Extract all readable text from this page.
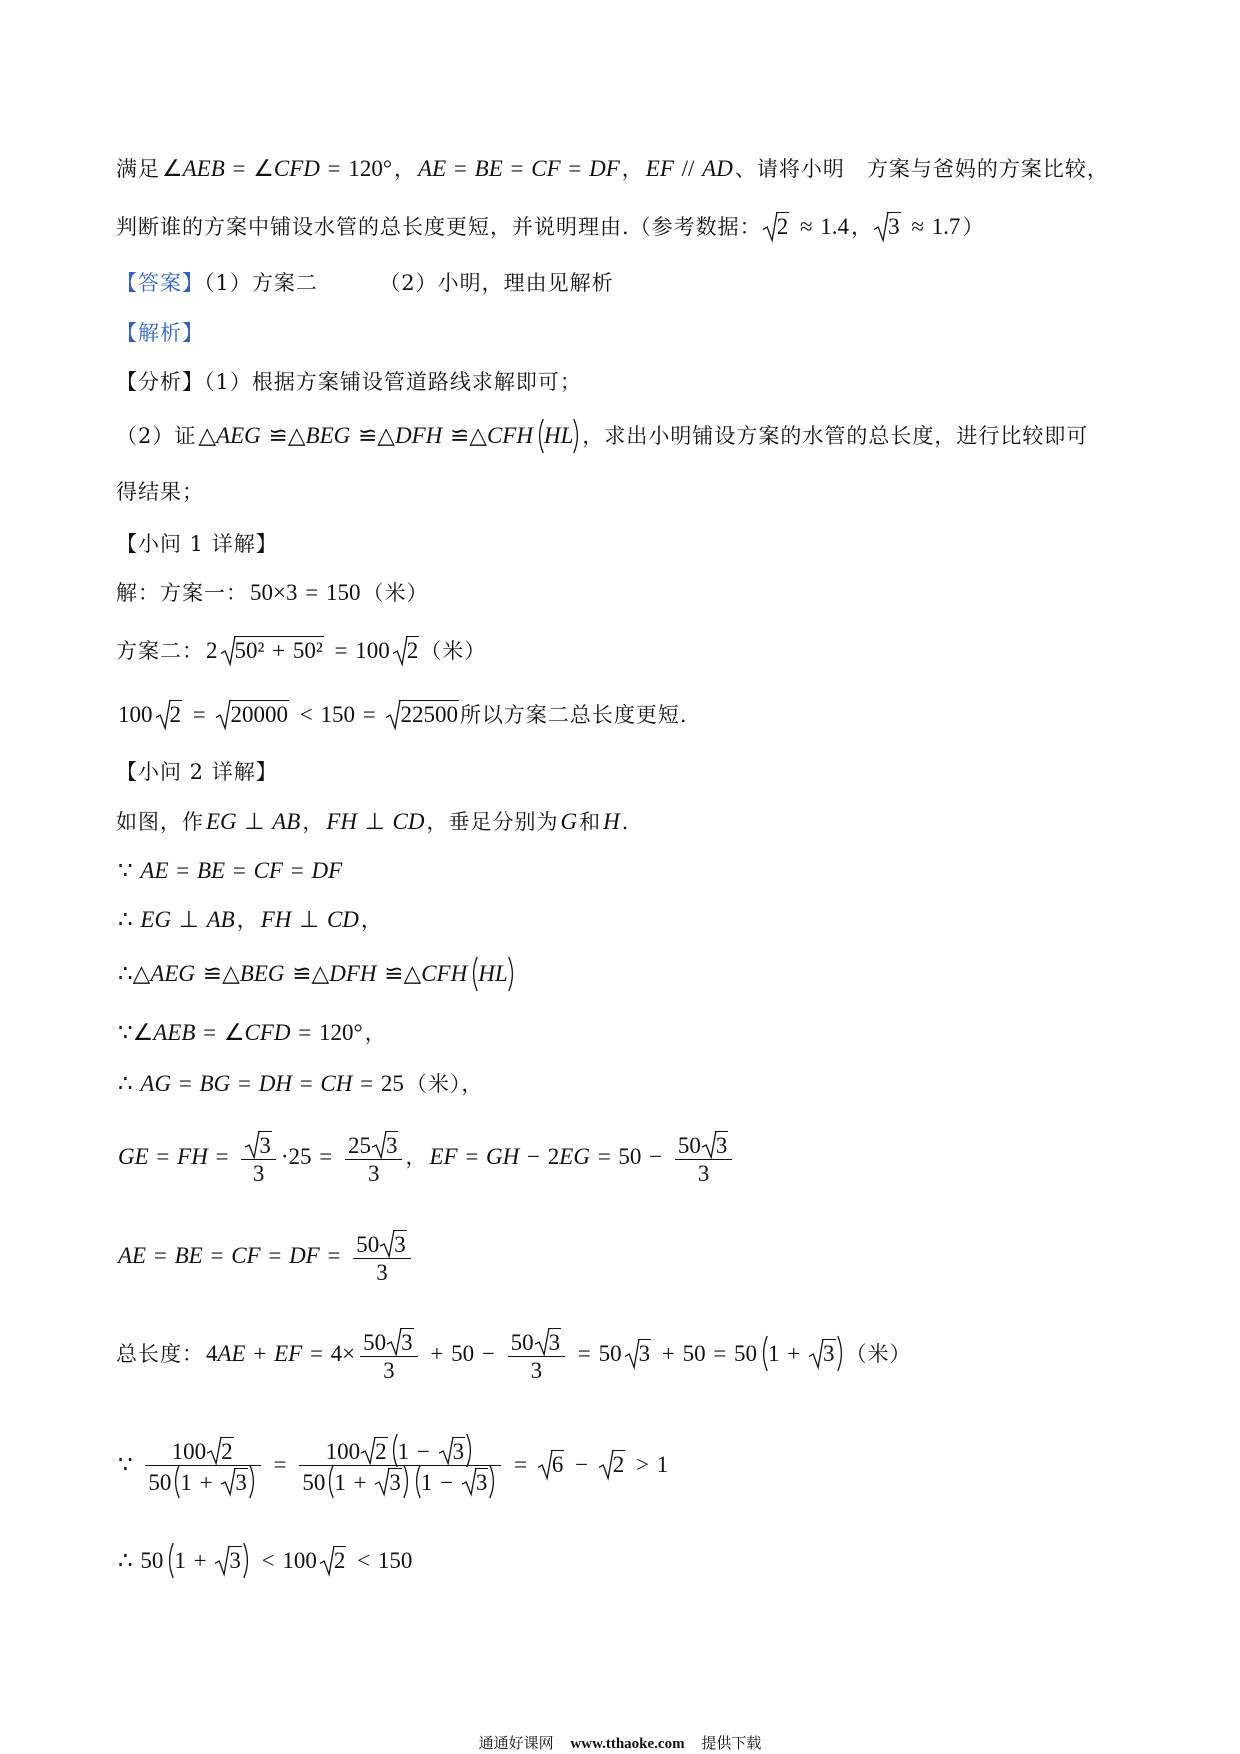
满足∠AEB = ∠CFD = 120°，AE = BE = CF = DF，EF // AD、请将小明　方案与爸妈的方案比较，
判断谁的方案中铺设水管的总长度更短，并说明理由.（参考数据： 2 ≈ 1.4， 3 ≈ 1.7）
【答案】（1）方案二        （2）小明，理由见解析
【解析】
【分析】（1）根据方案铺设管道路线求解即可；
（2）证△AEG ≌△BEG ≌△DFH ≌△CFH HL ，求出小明铺设方案的水管的总长度，进行比较即可
得结果；
【小问 1 详解】
解：方案一：50×3 = 150（米）
方案二：2 50² + 50² = 100 2（米）
100 2 =
20000 < 150 =
22500所以方案二总长度更短.
【小问 2 详解】
如图，作EG ⊥ AB，FH ⊥ CD，垂足分别为G和H.
∵ AE = BE = CF = DF
∴ EG ⊥ AB，FH ⊥ CD，
∴△AEG ≌△BEG ≌△DFH ≌△CFH HL
∵∠AEB = ∠CFD = 120°，
∴ AG = BG = DH = CH = 25（米），
GE = FH = $\frac{3}{3} \cdot 25 = \frac{25 3}{3}$ ，EF = GH − $2EG = 50 - \frac{50 3}{3}$
AE = BE = CF = DF = $\frac{50 3}{3}$
总长度：4AE + EF = $4\times \frac{50 3}{3} + 50 - \frac{50 3}{3} = 50$ 3 + 50 = 50 1 +
3 （米）
∵ 100 2
50 1 +
3 = 100 2 1 −
3
50 1 +
3 1 −
3 =
6 −
2 > 1
∴ 50 1 +
3
< 100 2 < 150
通通好课网 www.tthaoke.com 提供下载
